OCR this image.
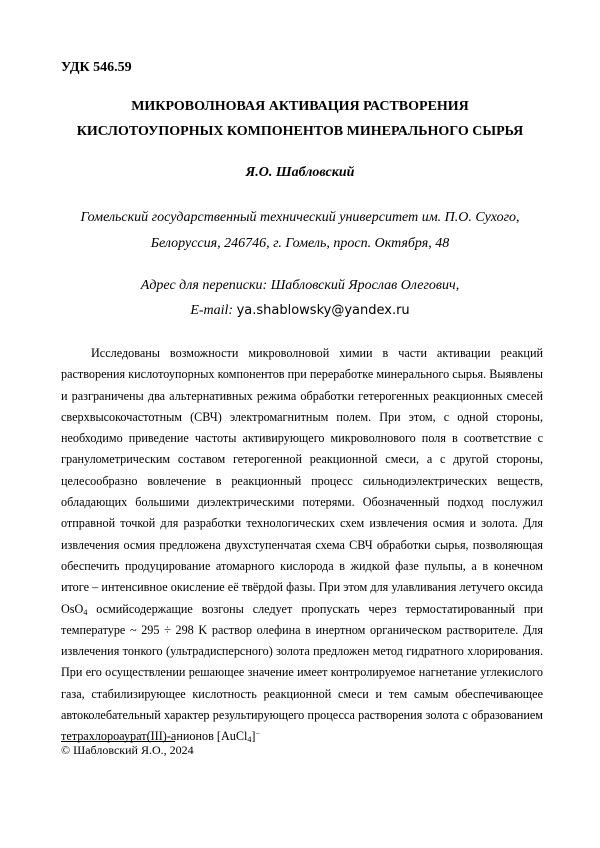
УДК 546.59
МИКРОВОЛНОВАЯ АКТИВАЦИЯ РАСТВОРЕНИЯ
КИСЛОТОУПОРНЫХ КОМПОНЕНТОВ МИНЕРАЛЬНОГО СЫРЬЯ
Я.О. Шабловский
Гомельский государственный технический университет им. П.О. Сухого,
Белоруссия, 246746, г. Гомель, просп. Октября, 48
Адрес для переписки: Шабловский Ярослав Олегович,
E-mail: ya.shablowsky@yandex.ru
Исследованы возможности микроволновой химии в части активации реакций
растворения кислотоупорных компонентов при переработке минерального сырья. Выявлены
и разграничены два альтернативных режима обработки гетерогенных реакционных смесей
сверхвысокочастотным (СВЧ) электромагнитным полем. При этом, с одной стороны,
необходимо приведение частоты активирующего микроволнового поля в соответствие с
гранулометрическим составом гетерогенной реакционной смеси, а с другой стороны,
целесообразно вовлечение в реакционный процесс сильнодиэлектрических веществ,
обладающих большими диэлектрическими потерями. Обозначенный подход послужил
отправной точкой для разработки технологических схем извлечения осмия и золота. Для
извлечения осмия предложена двухступенчатая схема СВЧ обработки сырья, позволяющая
обеспечить продуцирование атомарного кислорода в жидкой фазе пульпы, а в конечном
итоге – интенсивное окисление её твёрдой фазы. При этом для улавливания летучего оксида
OsO$_4$ осмийсодержащие возгоны следует пропускать через термостатированный при
температуре ~ 295 ÷ 298 K раствор олефина в инертном органическом растворителе. Для
извлечения тонкого (ультрадисперсного) золота предложен метод гидратного хлорирования.
При его осуществлении решающее значение имеет контролируемое нагнетание углекислого
газа, стабилизирующее кислотность реакционной смеси и тем самым обеспечивающее
автоколебательный характер результирующего процесса растворения золота с образованием
тетрахлороаурат(III)-анионов [AuCl$_4$]−
© Шабловский Я.О., 2024
